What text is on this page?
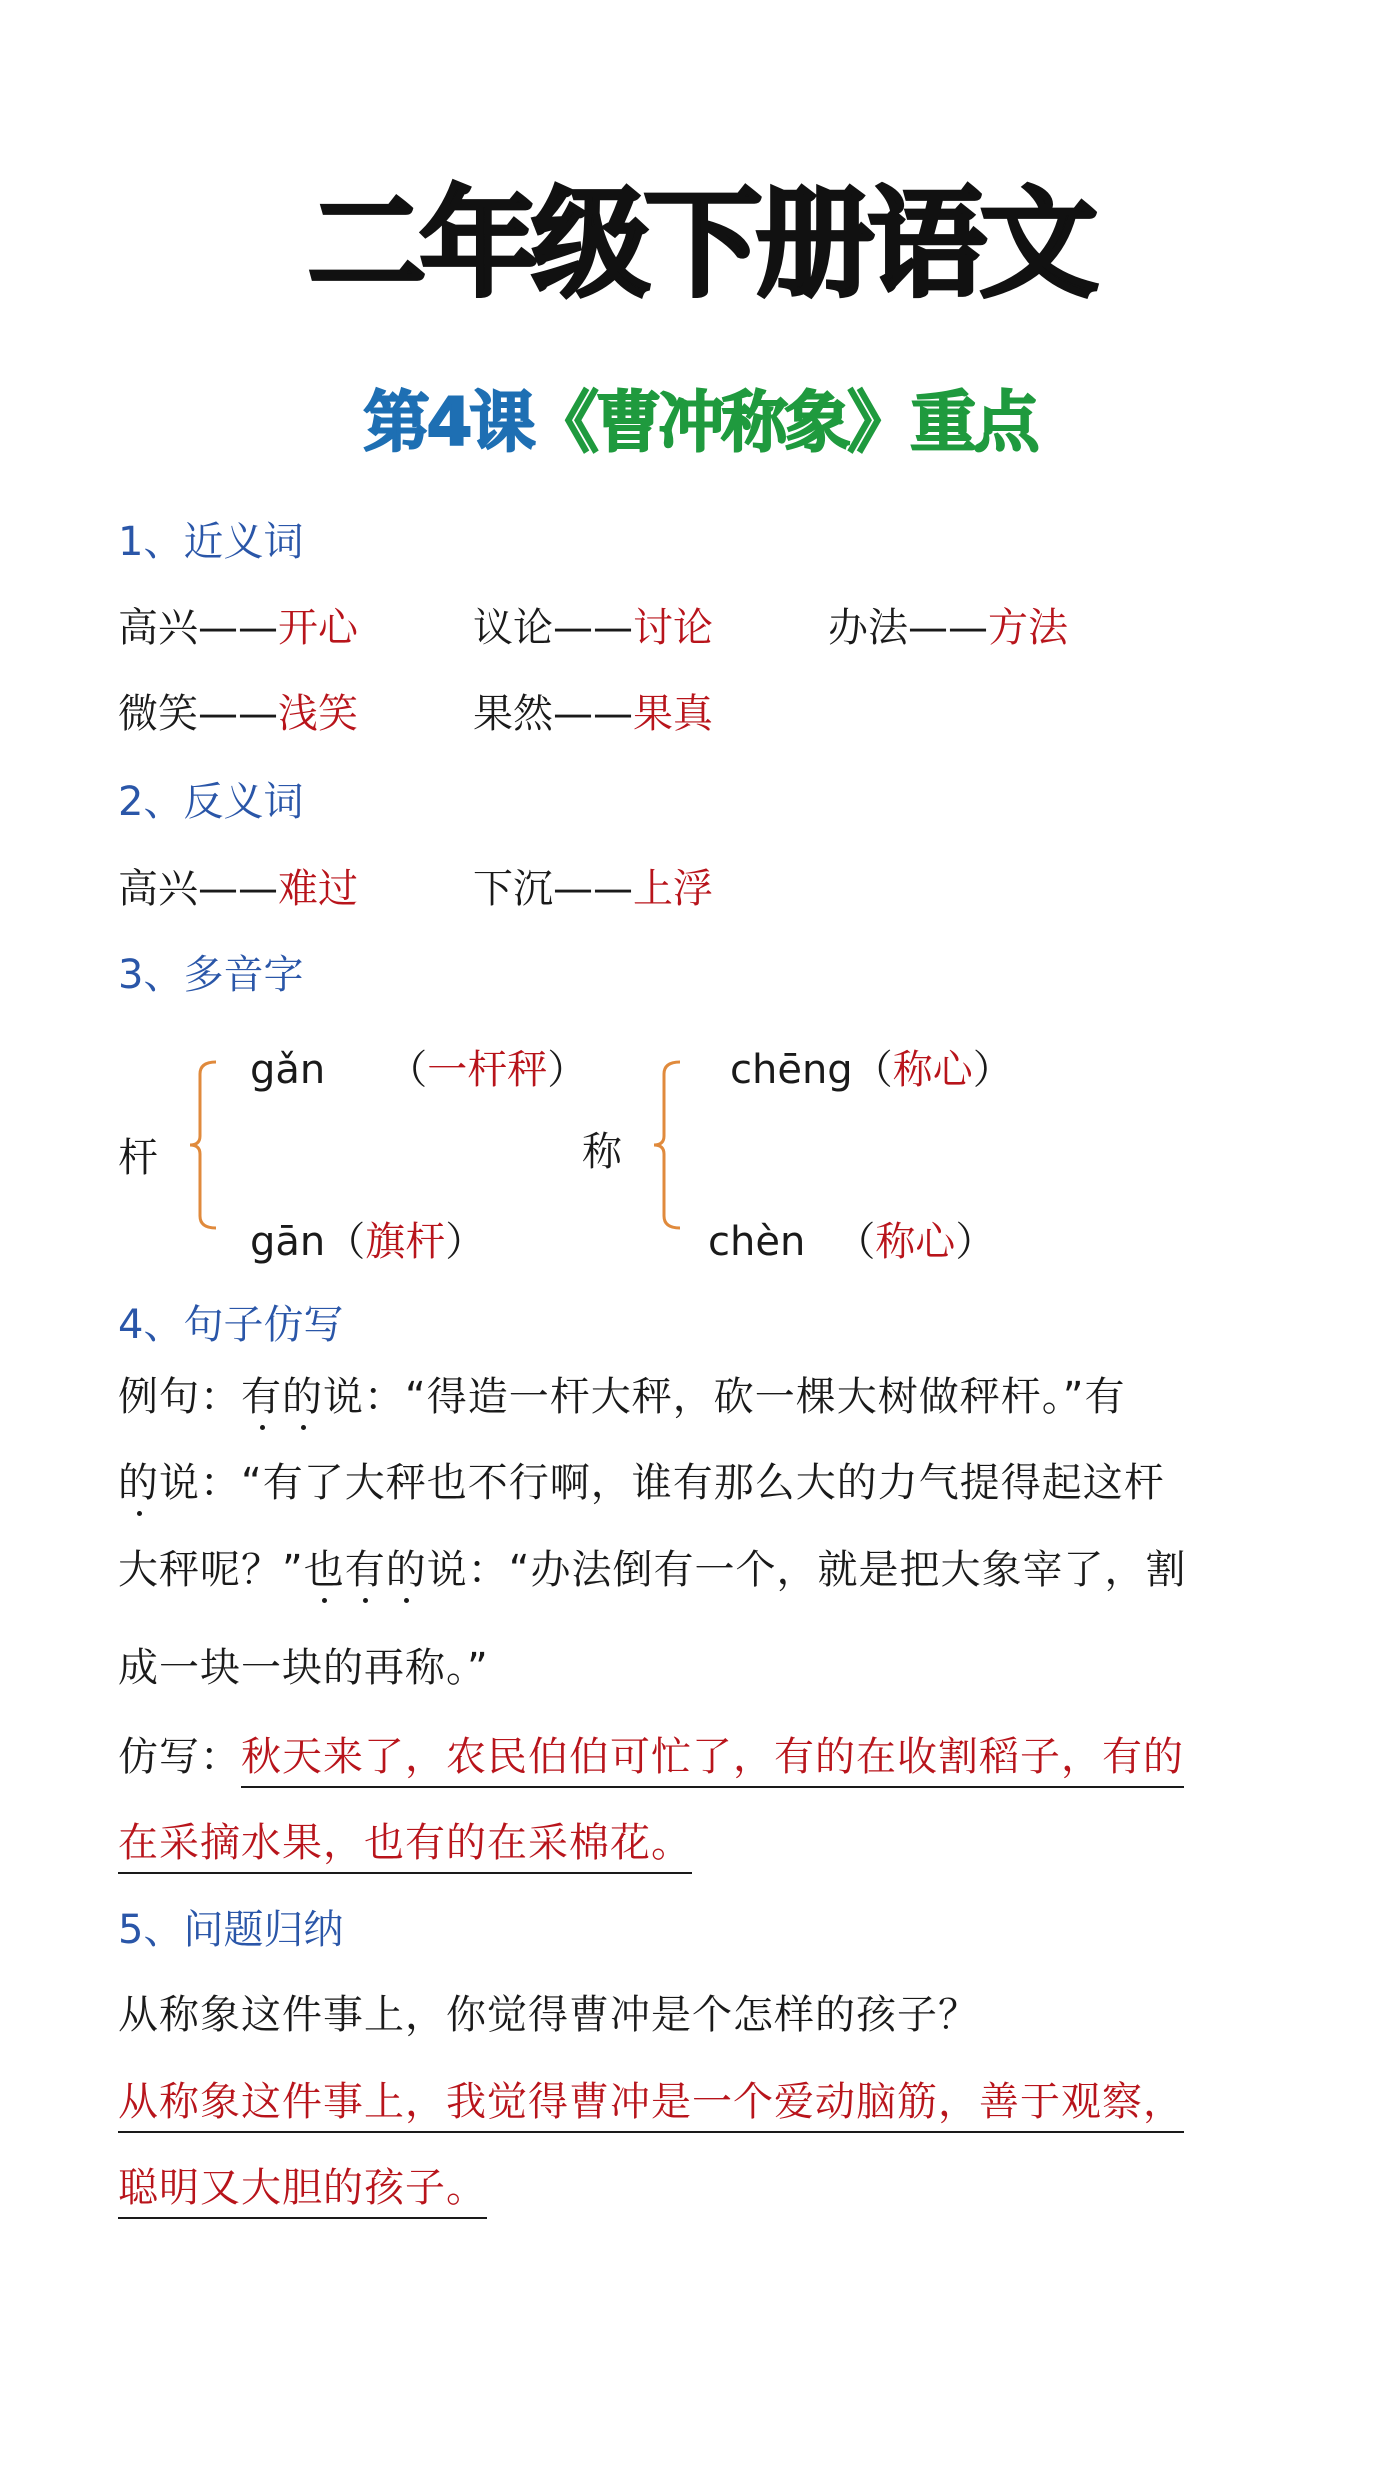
二年级下册语文
第4课《曹冲称象》重点
1、近义词
高兴——开心	议论——讨论	办法——方法
微笑——浅笑	果然——果真
2、反义词
高兴——难过	下沉——上浮
3、多音字
杆
gǎn （一杆秤）
gān（旗杆）
称
chēng（称心）
chèn （称心）
4、句子仿写
例句：有的说：“得造一杆大秤，砍一棵大树做秤杆。”有
的说：“有了大秤也不行啊，谁有那么大的力气提得起这杆
大秤呢？”也有的说：“办法倒有一个，就是把大象宰了，割
成一块一块的再称。”
仿写：秋天来了，农民伯伯可忙了，有的在收割稻子，有的
在采摘水果，也有的在采棉花。
5、问题归纳
从称象这件事上，你觉得曹冲是个怎样的孩子？
从称象这件事上，我觉得曹冲是一个爱动脑筋，善于观察，
聪明又大胆的孩子。
